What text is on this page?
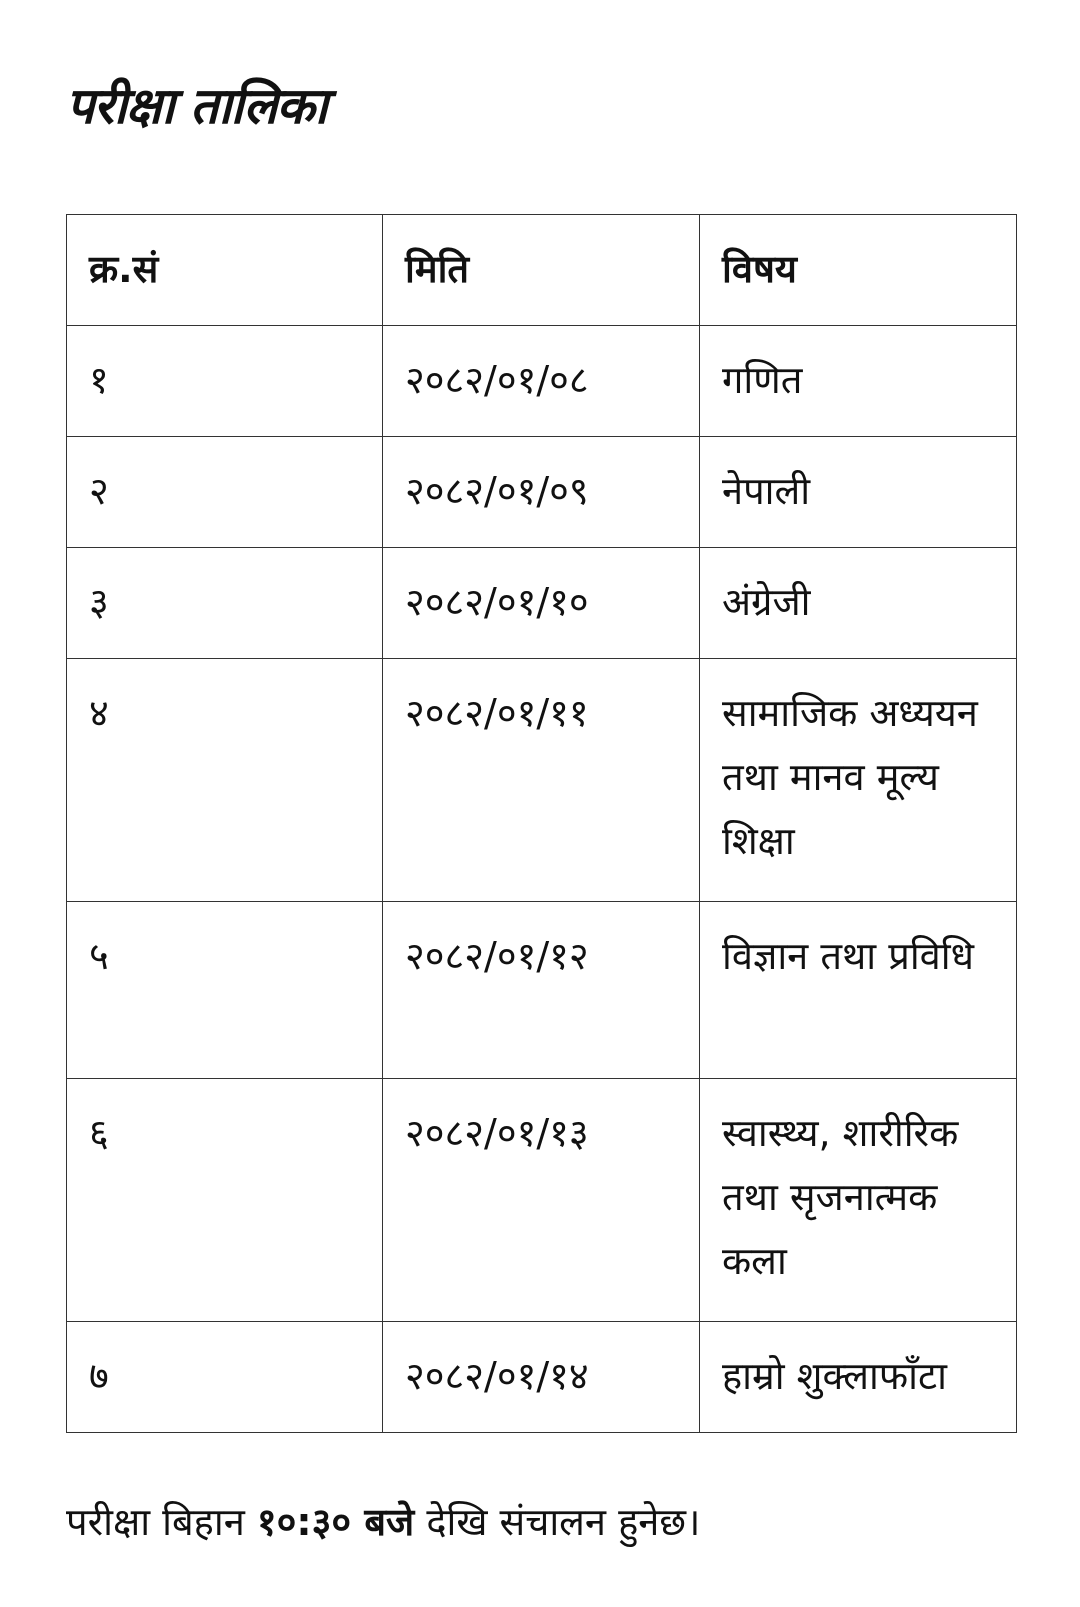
परीक्षा तालिका
क्र.सं	मिति	विषय
१	२०८२/०१/०८	गणित
२	२०८२/०१/०९	नेपाली
३	२०८२/०१/१०	अंग्रेजी
४	२०८२/०१/११	सामाजिक अध्ययन तथा मानव मूल्य शिक्षा
५	२०८२/०१/१२	विज्ञान तथा प्रविधि
६	२०८२/०१/१३	स्वास्थ्य, शारीरिक तथा सृजनात्मक कला
७	२०८२/०१/१४	हाम्रो शुक्लाफाँटा

परीक्षा बिहान १०:३० बजे देखि संचालन हुनेछ।
